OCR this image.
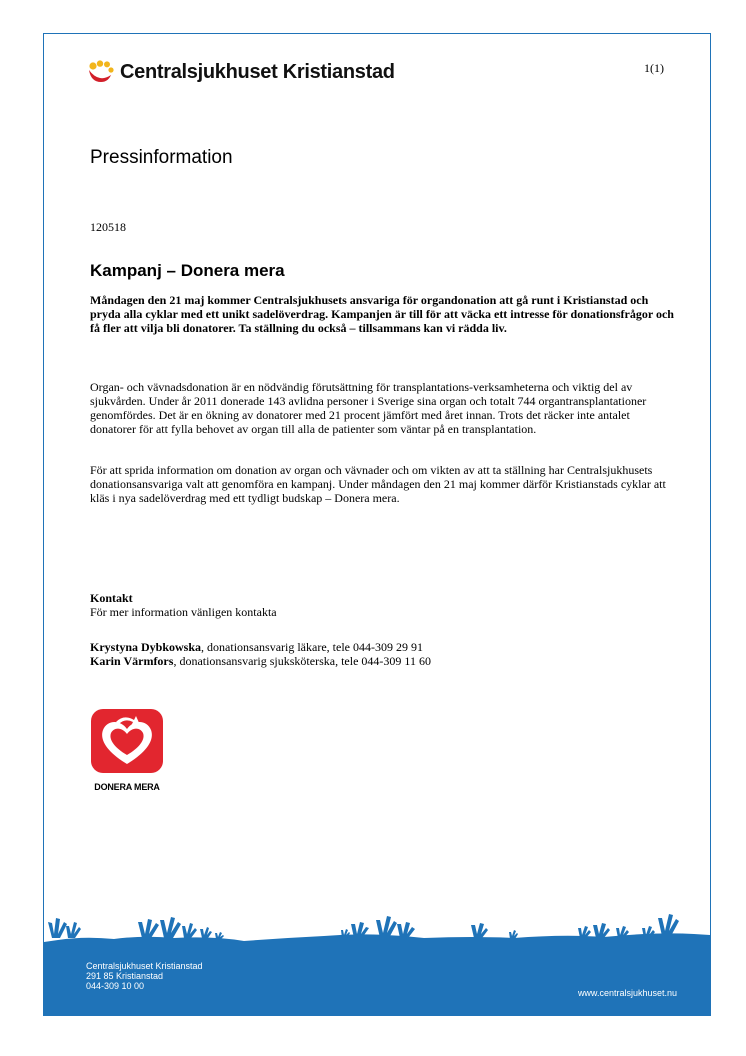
Centralsjukhuset Kristianstad	1(1)
Pressinformation
120518
Kampanj – Donera mera

Måndagen den 21 maj kommer Centralsjukhusets ansvariga för organdonation att gå runt i Kristianstad och pryda alla cyklar med ett unikt sadelöverdrag. Kampanjen är till för att väcka ett intresse för donationsfrågor och få fler att vilja bli donatorer. Ta ställning du också – tillsammans kan vi rädda liv.

Organ- och vävnadsdonation är en nödvändig förutsättning för transplantations-verksamheterna och viktig del av sjukvården. Under år 2011 donerade 143 avlidna personer i Sverige sina organ och totalt 744 organtransplantationer genomfördes. Det är en ökning av donatorer med 21 procent jämfört med året innan. Trots det räcker inte antalet donatorer för att fylla behovet av organ till alla de patienter som väntar på en transplantation.

För att sprida information om donation av organ och vävnader och om vikten av att ta ställning har Centralsjukhusets donationsansvariga valt att genomföra en kampanj. Under måndagen den 21 maj kommer därför Kristianstads cyklar att kläs i nya sadelöverdrag med ett tydligt budskap – Donera mera.

Kontakt
För mer information vänligen kontakta
Krystyna Dybkowska, donationsansvarig läkare, tele 044-309 29 91
Karin Värmfors, donationsansvarig sjuksköterska, tele 044-309 11 60
DONERA MERA
Centralsjukhuset Kristianstad
291 85 Kristianstad
044-309 10 00
www.centralsjukhuset.nu
